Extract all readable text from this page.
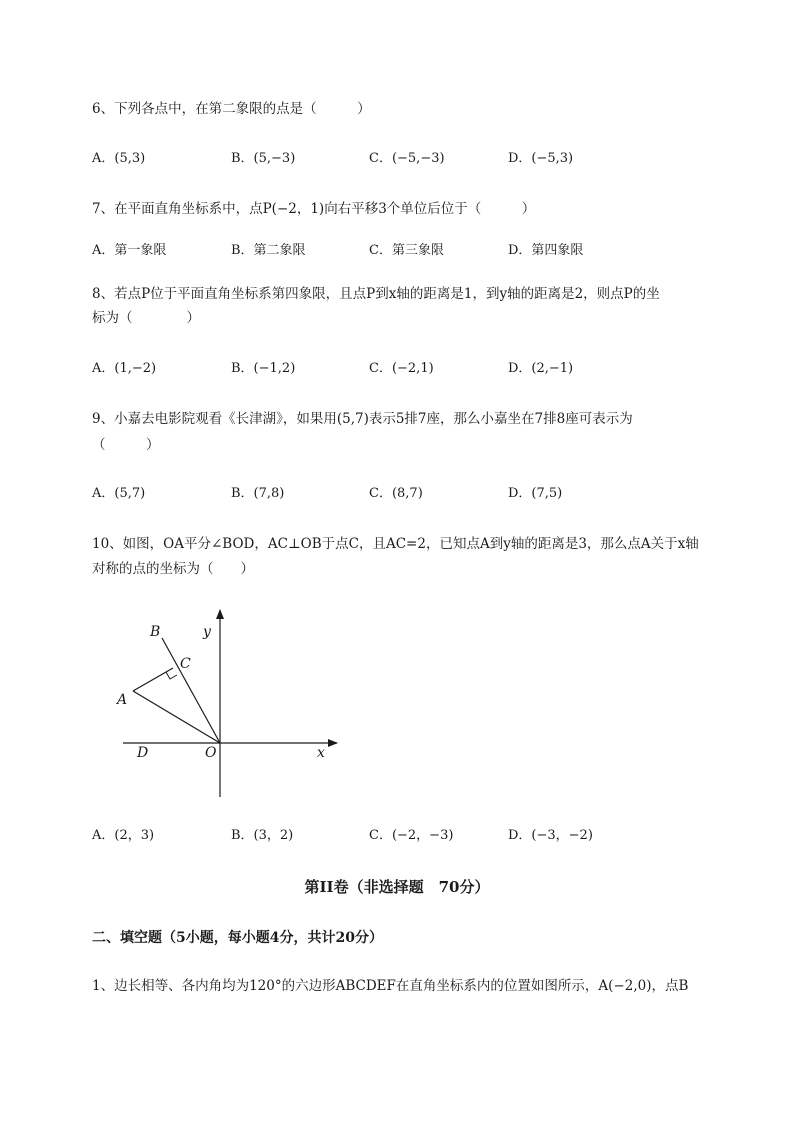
6、下列各点中，在第二象限的点是（　　　）
A．(5,3)	B．(5,−3)	C．(−5,−3)	D．(−5,3)
7、在平面直角坐标系中，点P(−2，1)向右平移3个单位后位于（　　　）
A．第一象限	B．第二象限	C．第三象限	D．第四象限
8、若点P位于平面直角坐标系第四象限，且点P到x轴的距离是1，到y轴的距离是2，则点P的坐
标为（　　　　）
A．(1,−2)	B．(−1,2)	C．(−2,1)	D．(2,−1)
9、小嘉去电影院观看《长津湖》，如果用(5,7)表示5排7座，那么小嘉坐在7排8座可表示为
（　　　）
A．(5,7)	B．(7,8)	C．(8,7)	D．(7,5)
10、如图，OA平分∠BOD，AC⊥OB于点C，且AC=2，已知点A到y轴的距离是3，那么点A关于x轴
对称的点的坐标为（　　）
B	y
C
A
D	O	x
A．(2，3)	B．(3，2)	C．(−2，−3)	D．(−3，−2)
第II卷（非选择题　70分）
二、填空题（5小题，每小题4分，共计20分）
1、边长相等、各内角均为120°的六边形ABCDEF在直角坐标系内的位置如图所示，A(−2,0)，点B
